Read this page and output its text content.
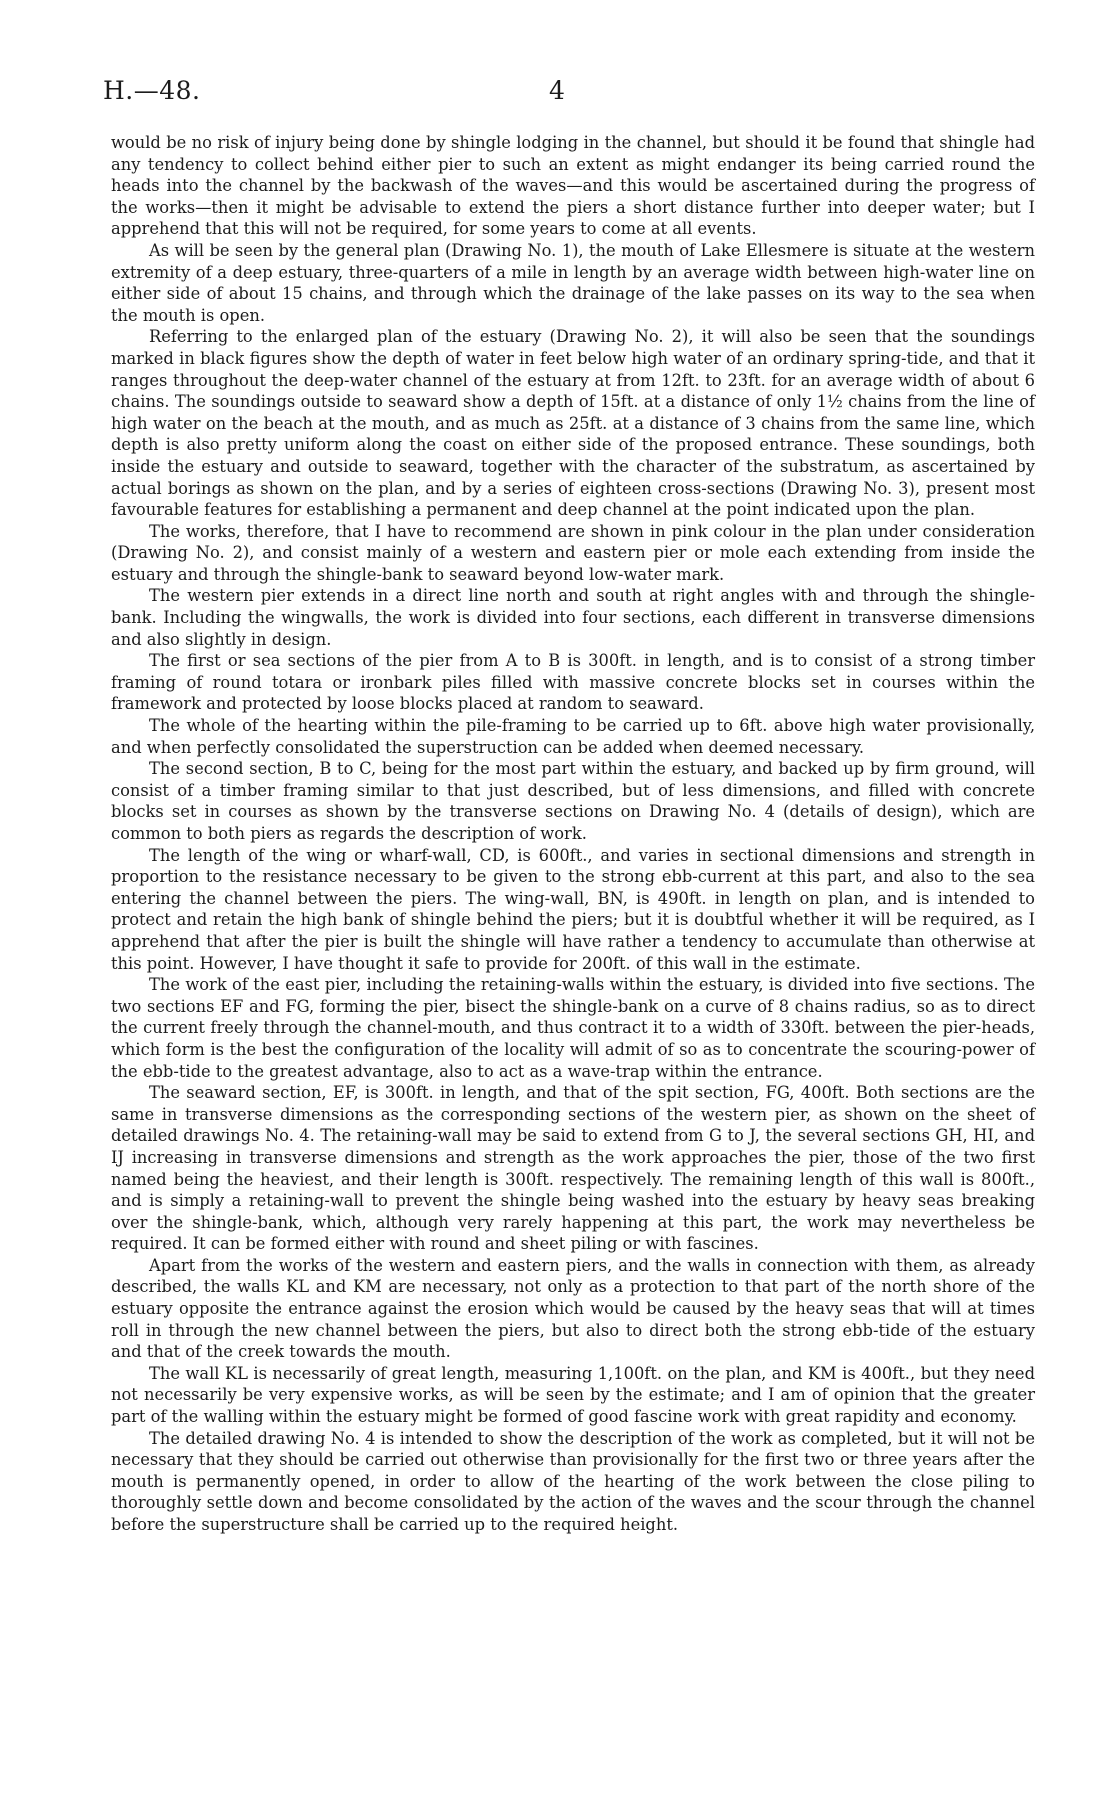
H.—48.	4

would be no risk of injury being done by shingle lodging in the channel, but should it be found that shingle had any tendency to collect behind either pier to such an extent as might endanger its being carried round the heads into the channel by the backwash of the waves—and this would be ascertained during the progress of the works—then it might be advisable to extend the piers a short distance further into deeper water; but I apprehend that this will not be required, for some years to come at all events.

As will be seen by the general plan (Drawing No. 1), the mouth of Lake Ellesmere is situate at the western extremity of a deep estuary, three-quarters of a mile in length by an average width between high-water line on either side of about 15 chains, and through which the drainage of the lake passes on its way to the sea when the mouth is open.

Referring to the enlarged plan of the estuary (Drawing No. 2), it will also be seen that the soundings marked in black figures show the depth of water in feet below high water of an ordinary spring-tide, and that it ranges throughout the deep-water channel of the estuary at from 12ft. to 23ft. for an average width of about 6 chains. The soundings outside to seaward show a depth of 15ft. at a distance of only 1½ chains from the line of high water on the beach at the mouth, and as much as 25ft. at a distance of 3 chains from the same line, which depth is also pretty uniform along the coast on either side of the proposed entrance. These soundings, both inside the estuary and outside to seaward, together with the character of the substratum, as ascertained by actual borings as shown on the plan, and by a series of eighteen cross-sections (Drawing No. 3), present most favourable features for establishing a permanent and deep channel at the point indicated upon the plan.

The works, therefore, that I have to recommend are shown in pink colour in the plan under consideration (Drawing No. 2), and consist mainly of a western and eastern pier or mole each extending from inside the estuary and through the shingle-bank to seaward beyond low-water mark.

The western pier extends in a direct line north and south at right angles with and through the shingle-bank. Including the wingwalls, the work is divided into four sections, each different in transverse dimensions and also slightly in design.

The first or sea sections of the pier from A to B is 300ft. in length, and is to consist of a strong timber framing of round totara or ironbark piles filled with massive concrete blocks set in courses within the framework and protected by loose blocks placed at random to seaward.

The whole of the hearting within the pile-framing to be carried up to 6ft. above high water provisionally, and when perfectly consolidated the superstruction can be added when deemed necessary.

The second section, B to C, being for the most part within the estuary, and backed up by firm ground, will consist of a timber framing similar to that just described, but of less dimensions, and filled with concrete blocks set in courses as shown by the transverse sections on Drawing No. 4 (details of design), which are common to both piers as regards the description of work.

The length of the wing or wharf-wall, CD, is 600ft., and varies in sectional dimensions and strength in proportion to the resistance necessary to be given to the strong ebb-current at this part, and also to the sea entering the channel between the piers. The wing-wall, BN, is 490ft. in length on plan, and is intended to protect and retain the high bank of shingle behind the piers; but it is doubtful whether it will be required, as I apprehend that after the pier is built the shingle will have rather a tendency to accumulate than otherwise at this point. However, I have thought it safe to provide for 200ft. of this wall in the estimate.

The work of the east pier, including the retaining-walls within the estuary, is divided into five sections. The two sections EF and FG, forming the pier, bisect the shingle-bank on a curve of 8 chains radius, so as to direct the current freely through the channel-mouth, and thus contract it to a width of 330ft. between the pier-heads, which form is the best the configuration of the locality will admit of so as to concentrate the scouring-power of the ebb-tide to the greatest advantage, also to act as a wave-trap within the entrance.

The seaward section, EF, is 300ft. in length, and that of the spit section, FG, 400ft. Both sections are the same in transverse dimensions as the corresponding sections of the western pier, as shown on the sheet of detailed drawings No. 4. The retaining-wall may be said to extend from G to J, the several sections GH, HI, and IJ increasing in transverse dimensions and strength as the work approaches the pier, those of the two first named being the heaviest, and their length is 300ft. respectively. The remaining length of this wall is 800ft., and is simply a retaining-wall to prevent the shingle being washed into the estuary by heavy seas breaking over the shingle-bank, which, although very rarely happening at this part, the work may nevertheless be required. It can be formed either with round and sheet piling or with fascines.

Apart from the works of the western and eastern piers, and the walls in connection with them, as already described, the walls KL and KM are necessary, not only as a protection to that part of the north shore of the estuary opposite the entrance against the erosion which would be caused by the heavy seas that will at times roll in through the new channel between the piers, but also to direct both the strong ebb-tide of the estuary and that of the creek towards the mouth.

The wall KL is necessarily of great length, measuring 1,100ft. on the plan, and KM is 400ft., but they need not necessarily be very expensive works, as will be seen by the estimate; and I am of opinion that the greater part of the walling within the estuary might be formed of good fascine work with great rapidity and economy.

The detailed drawing No. 4 is intended to show the description of the work as completed, but it will not be necessary that they should be carried out otherwise than provisionally for the first two or three years after the mouth is permanently opened, in order to allow of the hearting of the work between the close piling to thoroughly settle down and become consolidated by the action of the waves and the scour through the channel before the superstructure shall be carried up to the required height.
